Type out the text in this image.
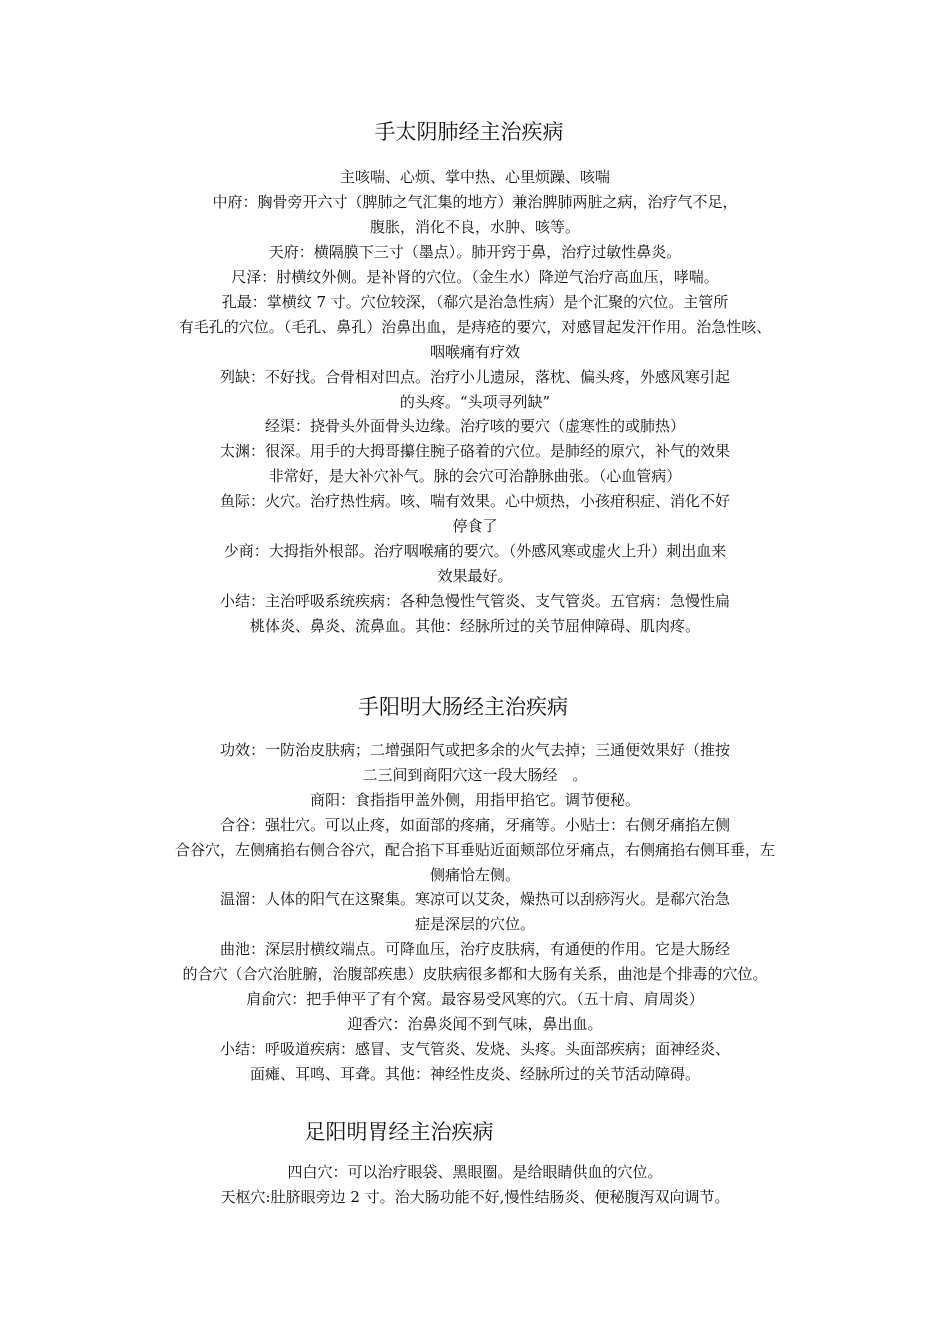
手太阴肺经主治疾病
主咳喘、心烦、掌中热、心里烦躁、咳喘
中府：胸骨旁开六寸（脾肺之气汇集的地方）兼治脾肺两脏之病，治疗气不足，
腹胀，消化不良，水肿、咳等。
天府：横隔膜下三寸（墨点）。肺开窍于鼻，治疗过敏性鼻炎。
尺泽：肘横纹外侧。是补肾的穴位。（金生水）降逆气治疗高血压，哮喘。
孔最：掌横纹 7 寸。穴位较深，（郗穴是治急性病）是个汇聚的穴位。主管所
有毛孔的穴位。（毛孔、鼻孔）治鼻出血，是痔疮的要穴，对感冒起发汗作用。治急性咳、
咽喉痛有疗效
列缺：不好找。合骨相对凹点。治疗小儿遗尿，落枕、偏头疼，外感风寒引起
的头疼。“头项寻列缺”
经渠：挠骨头外面骨头边缘。治疗咳的要穴（虚寒性的或肺热）
太渊：很深。用手的大拇哥攥住腕子硌着的穴位。是肺经的原穴，补气的效果
非常好，是大补穴补气。脉的会穴可治静脉曲张。（心血管病）
鱼际：火穴。治疗热性病。咳、喘有效果。心中烦热，小孩疳积症、消化不好
停食了
少商：大拇指外根部。治疗咽喉痛的要穴。（外感风寒或虚火上升）刺出血来
效果最好。
小结：主治呼吸系统疾病：各种急慢性气管炎、支气管炎。五官病：急慢性扁
桃体炎、鼻炎、流鼻血。其他：经脉所过的关节屈伸障碍、肌肉疼。
手阳明大肠经主治疾病
功效：一防治皮肤病；二增强阳气或把多余的火气去掉；三通便效果好（推按
二三间到商阳穴这一段大肠经　。
商阳：食指指甲盖外侧，用指甲掐它。调节便秘。
合谷：强壮穴。可以止疼，如面部的疼痛，牙痛等。小贴士：右侧牙痛掐左侧
合谷穴，左侧痛掐右侧合谷穴，配合掐下耳垂贴近面颊部位牙痛点，右侧痛掐右侧耳垂，左
侧痛恰左侧。
温溜：人体的阳气在这聚集。寒凉可以艾灸，燥热可以刮痧泻火。是郗穴治急
症是深层的穴位。
曲池：深层肘横纹端点。可降血压，治疗皮肤病，有通便的作用。它是大肠经
的合穴（合穴治脏腑，治腹部疾患）皮肤病很多都和大肠有关系，曲池是个排毒的穴位。
肩俞穴：把手伸平了有个窝。最容易受风寒的穴。（五十肩、肩周炎）
迎香穴：治鼻炎闻不到气味，鼻出血。
小结：呼吸道疾病：感冒、支气管炎、发烧、头疼。头面部疾病；面神经炎、
面瘫、耳鸣、耳聋。其他：神经性皮炎、经脉所过的关节活动障碍。
足阳明胃经主治疾病
四白穴：可以治疗眼袋、黑眼圈。是给眼睛供血的穴位。
天枢穴:肚脐眼旁边 2 寸。治大肠功能不好,慢性结肠炎、便秘腹泻双向调节。
